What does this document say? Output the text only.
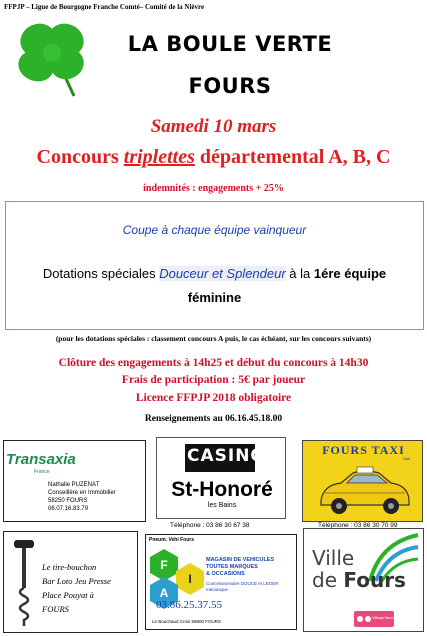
FFPJP – Ligue de Bourgogne Franche Comté– Comité de la Nièvre
LA BOULE VERTE
FOURS
Samedi 10 mars
Concours triplettes départemental A, B, C
indemnités : engagements + 25%
Coupe à chaque équipe vainqueur
Dotations spéciales Douceur et Splendeur à la 1ére équipe
féminine
(pour les dotations spéciales : classement concours A puis, le cas échéant, sur les concours suivants)
Clôture des engagements à 14h25 et début du concours à 14h30
Frais de participation : 5€ par joueur
Licence FFPJP 2018 obligatoire
Renseignements au 06.16.45.18.00
Transaxia
France
Nathalie PUZENAT
Conseillère en Immobilier
58250 FOURS
06.07.16.83.79
CASINO
St-Honoré
les Bains
Téléphone : 03 86 30 67 38
FOURS TAXI
Sarl
Téléphone : 03 86 30 70 99
Le tire-bouchon
Bar Loto Jeu Presse
Place Pouyat à
FOURS
Pneum. Vehi Fours
F
I
A
MAGASIN DE VEHICULES TOUTES MARQUES
& OCCASIONS
Concessionnaire DOUCE et LEGER mécanique
03.86.25.37.55
Le Bouchaud Croix 58800 FOURS
Ville
de Fours
Village fleuri
